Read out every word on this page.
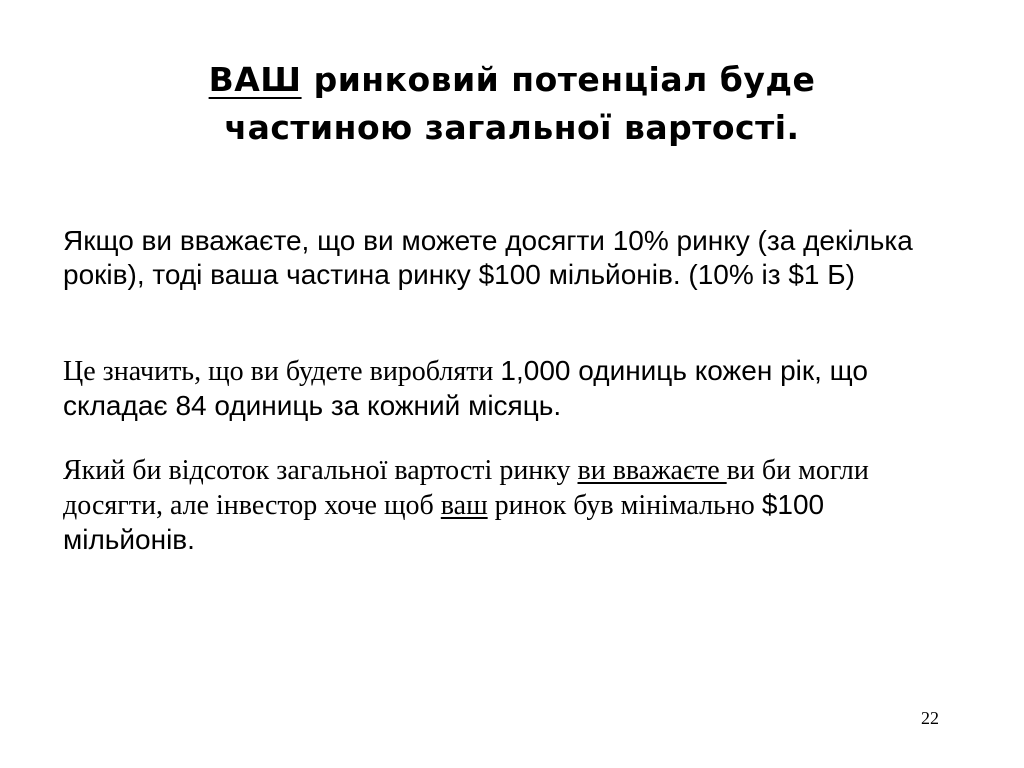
ВАШ ринковий потенціал буде
частиною загальної вартості.
Якщо ви вважаєте, що ви можете досягти 10% ринку (за декілька років), тоді ваша частина ринку $100 мільйонів. (10% із $1 Б)
Це значить, що ви будете виробляти 1,000 одиниць кожен рік, що складає 84 одиниць за кожний місяць.
Який би відсоток загальної вартості ринку ви вважаєте ви би могли досягти, але інвестор хоче щоб ваш ринок був мінімально $100 мільйонів.
22
